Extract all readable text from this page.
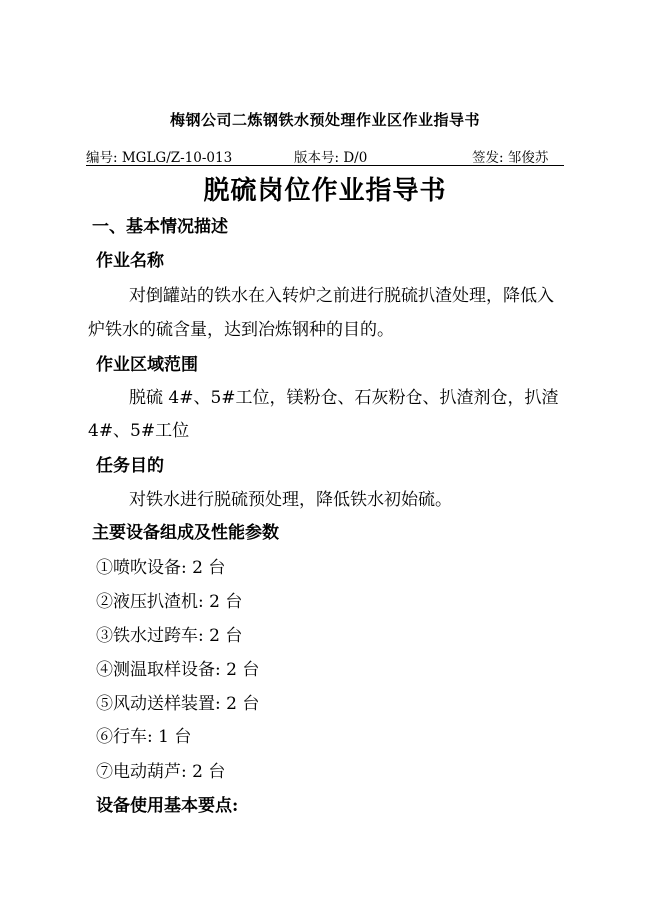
梅钢公司二炼钢铁水预处理作业区作业指导书
编号: MGLG/Z-10-013	版本号: D/0	签发: 邹俊苏
脱硫岗位作业指导书
一、基本情况描述
作业名称
对倒罐站的铁水在入转炉之前进行脱硫扒渣处理，降低入
炉铁水的硫含量，达到冶炼钢种的目的。
作业区域范围
脱硫 4#、5#工位，镁粉仓、石灰粉仓、扒渣剂仓，扒渣
4#、5#工位
任务目的
对铁水进行脱硫预处理，降低铁水初始硫。
主要设备组成及性能参数
①喷吹设备: 2 台
②液压扒渣机: 2 台
③铁水过跨车: 2 台
④测温取样设备: 2 台
⑤风动送样装置: 2 台
⑥行车: 1 台
⑦电动葫芦: 2 台
设备使用基本要点:
